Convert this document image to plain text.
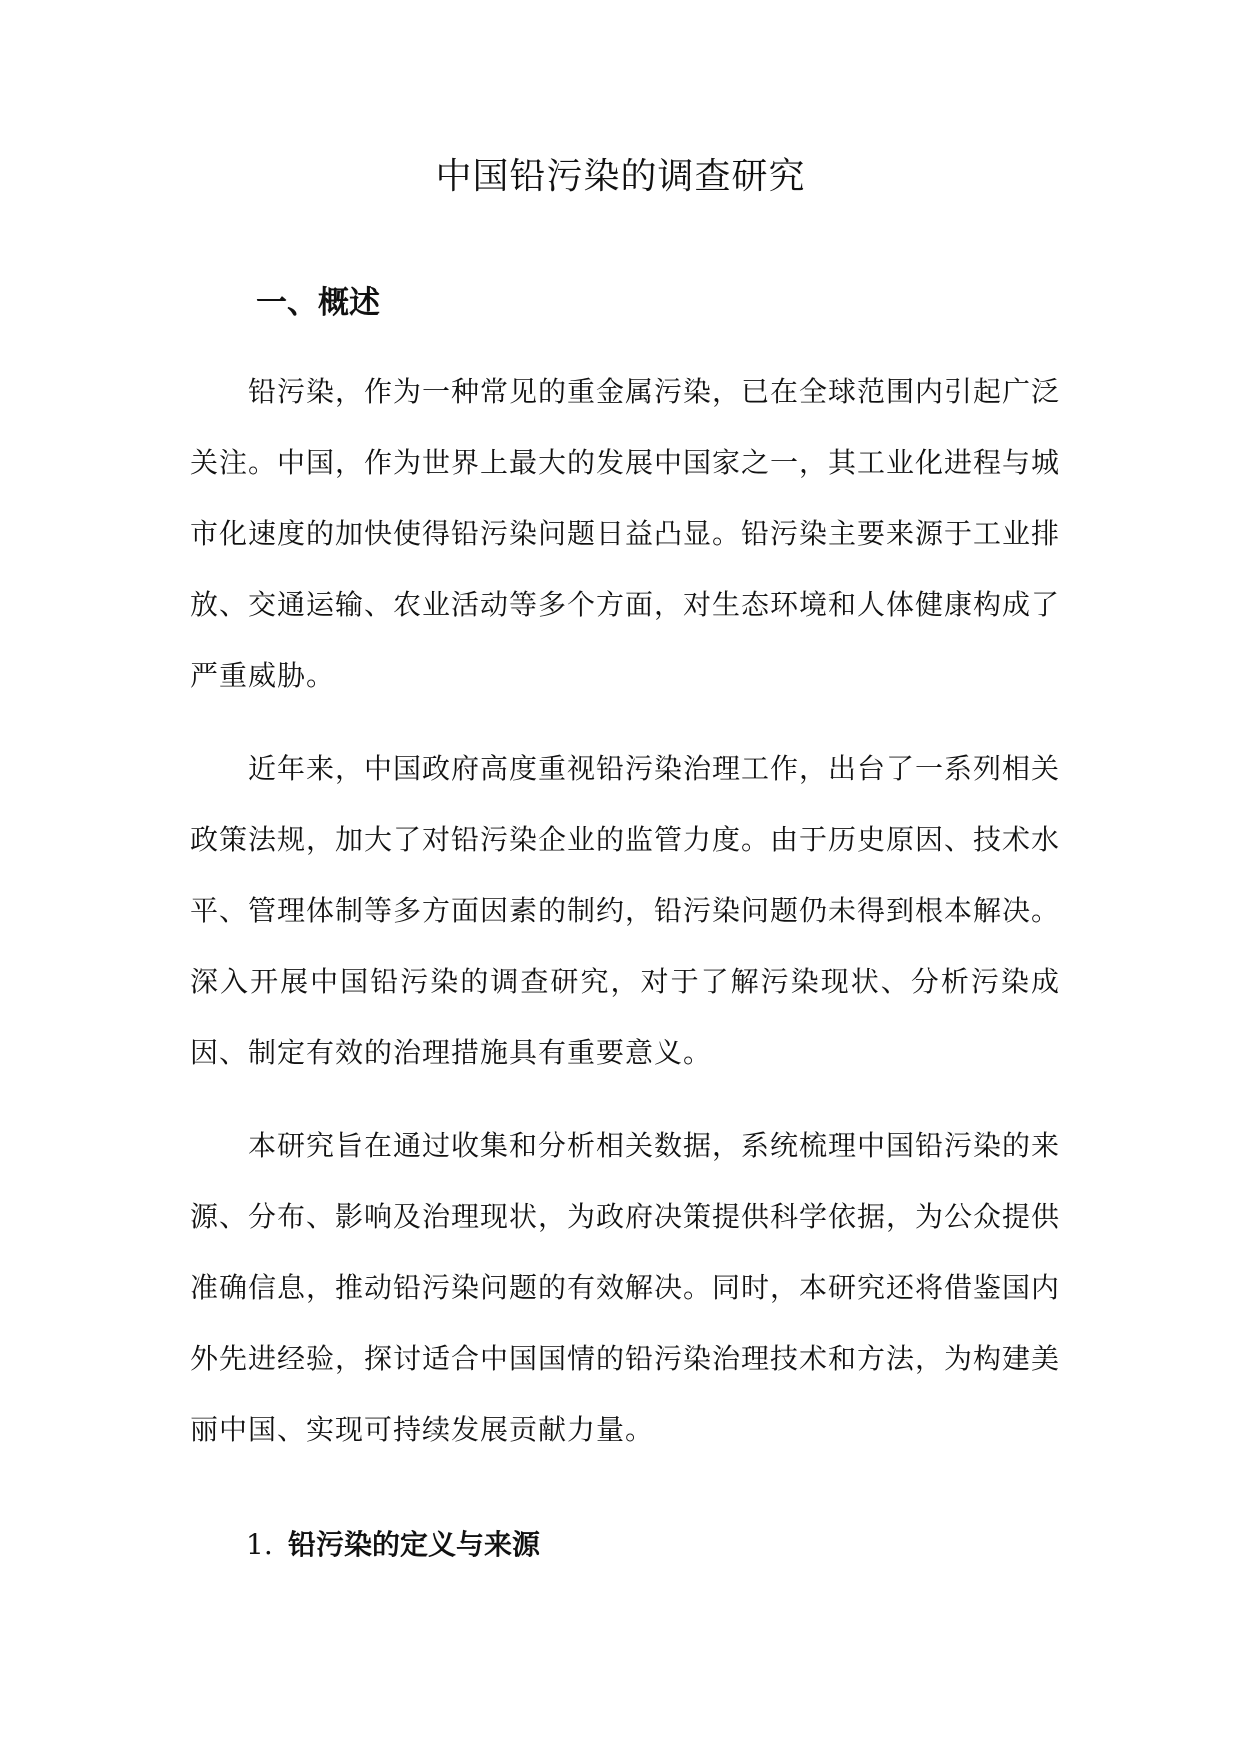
中国铅污染的调查研究
一、概述

铅污染，作为一种常见的重金属污染，已在全球范围内引起广泛关注。中国，作为世界上最大的发展中国家之一，其工业化进程与城市化速度的加快使得铅污染问题日益凸显。铅污染主要来源于工业排放、交通运输、农业活动等多个方面，对生态环境和人体健康构成了严重威胁。

近年来，中国政府高度重视铅污染治理工作，出台了一系列相关政策法规，加大了对铅污染企业的监管力度。由于历史原因、技术水平、管理体制等多方面因素的制约，铅污染问题仍未得到根本解决。深入开展中国铅污染的调查研究，对于了解污染现状、分析污染成因、制定有效的治理措施具有重要意义。

本研究旨在通过收集和分析相关数据，系统梳理中国铅污染的来源、分布、影响及治理现状，为政府决策提供科学依据，为公众提供准确信息，推动铅污染问题的有效解决。同时，本研究还将借鉴国内外先进经验，探讨适合中国国情的铅污染治理技术和方法，为构建美丽中国、实现可持续发展贡献力量。

1. 铅污染的定义与来源
